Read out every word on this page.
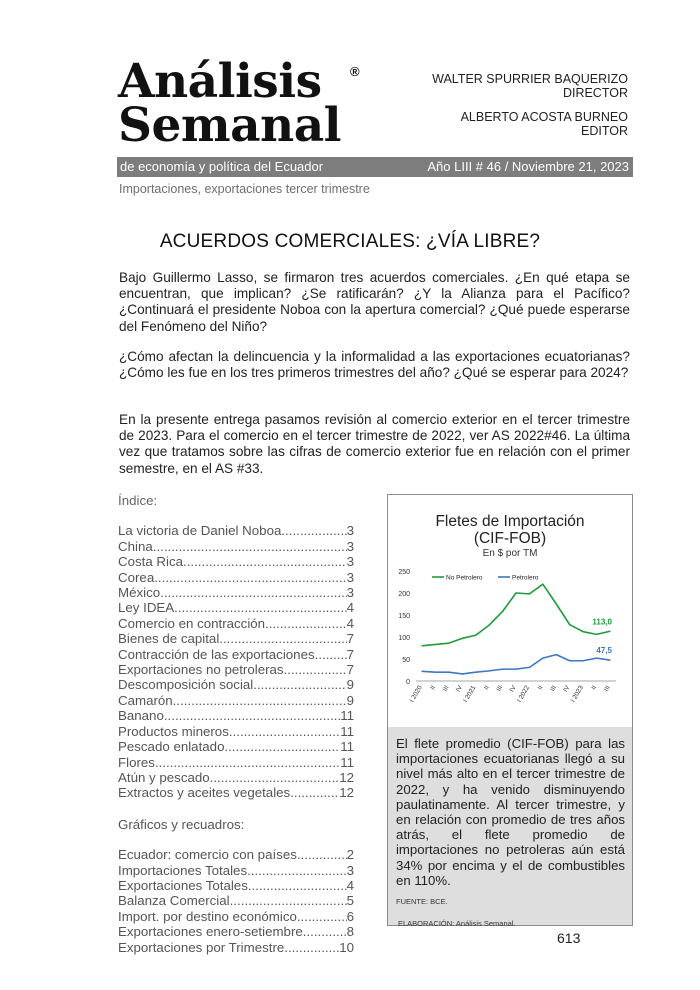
Análisis
Semanal
®	WALTER SPURRIER BAQUERIZO
DIRECTOR
ALBERTO ACOSTA BURNEO
EDITOR
de economía y política del Ecuador	Año LIII # 46 / Noviembre 21, 2023
Importaciones, exportaciones tercer trimestre
ACUERDOS COMERCIALES: ¿VÍA LIBRE?

Bajo Guillermo Lasso, se firmaron tres acuerdos comerciales. ¿En qué etapa se encuentran, que implican? ¿Se ratificarán? ¿Y la Alianza para el Pacífico? ¿Continuará el presidente Noboa con la apertura comercial? ¿Qué puede esperarse del Fenómeno del Niño?

¿Cómo afectan la delincuencia y la informalidad a las exportaciones ecuatorianas? ¿Cómo les fue en los tres primeros trimestres del año? ¿Qué se esperar para 2024?

En la presente entrega pasamos revisión al comercio exterior en el tercer trimestre de 2023. Para el comercio en el tercer trimestre de 2022, ver AS 2022#46. La última vez que tratamos sobre las cifras de comercio exterior fue en relación con el primer semestre, en el AS #33.

Índice:
La victoria de Daniel Noboa .....	3
China .....	3
Costa Rica .....	3
Corea .....	3
México .....	3
Ley IDEA .....	4
Comercio en contracción. .....	4
Bienes de capital. .....	7
Contracción de las exportaciones. ..... 7
Exportaciones no petroleras. .....	7
Descomposición social .....	9
Camarón. .....	9
Banano .....	11
Productos mineros. .....	11
Pescado enlatado .....	11
Flores. .....	11
Atún y pescado. .....	12
Extractos y aceites vegetales .....	12
Gráficos y recuadros:
Ecuador: comercio con países .....	2
Importaciones Totales .....	3
Exportaciones Totales .....	4
Balanza Comercial .....	5
Import. por destino económico .....	6
Exportaciones enero-setiembre .....	8
Exportaciones por Trimestre .....	10
Fletes de Importación
(CIF-FOB)
En $ por TM
0
50
100
150
200
250
I 2020 II III IV
I 2021 II III IV
I 2022 II III IV
I 2023 II III
113,0
47,5
No Petrolero	Petrolero

El flete promedio (CIF-FOB) para las importaciones ecuatorianas llegó a su nivel más alto en el tercer trimestre de 2022, y ha venido disminuyendo paulatinamente. Al tercer trimestre, y en relación con promedio de tres años atrás, el flete promedio de importaciones no petroleras aún está 34% por encima y el de combustibles en 110%.

FUENTE: BCE.

ELABORACIÓN: Análisis Semanal.

613
